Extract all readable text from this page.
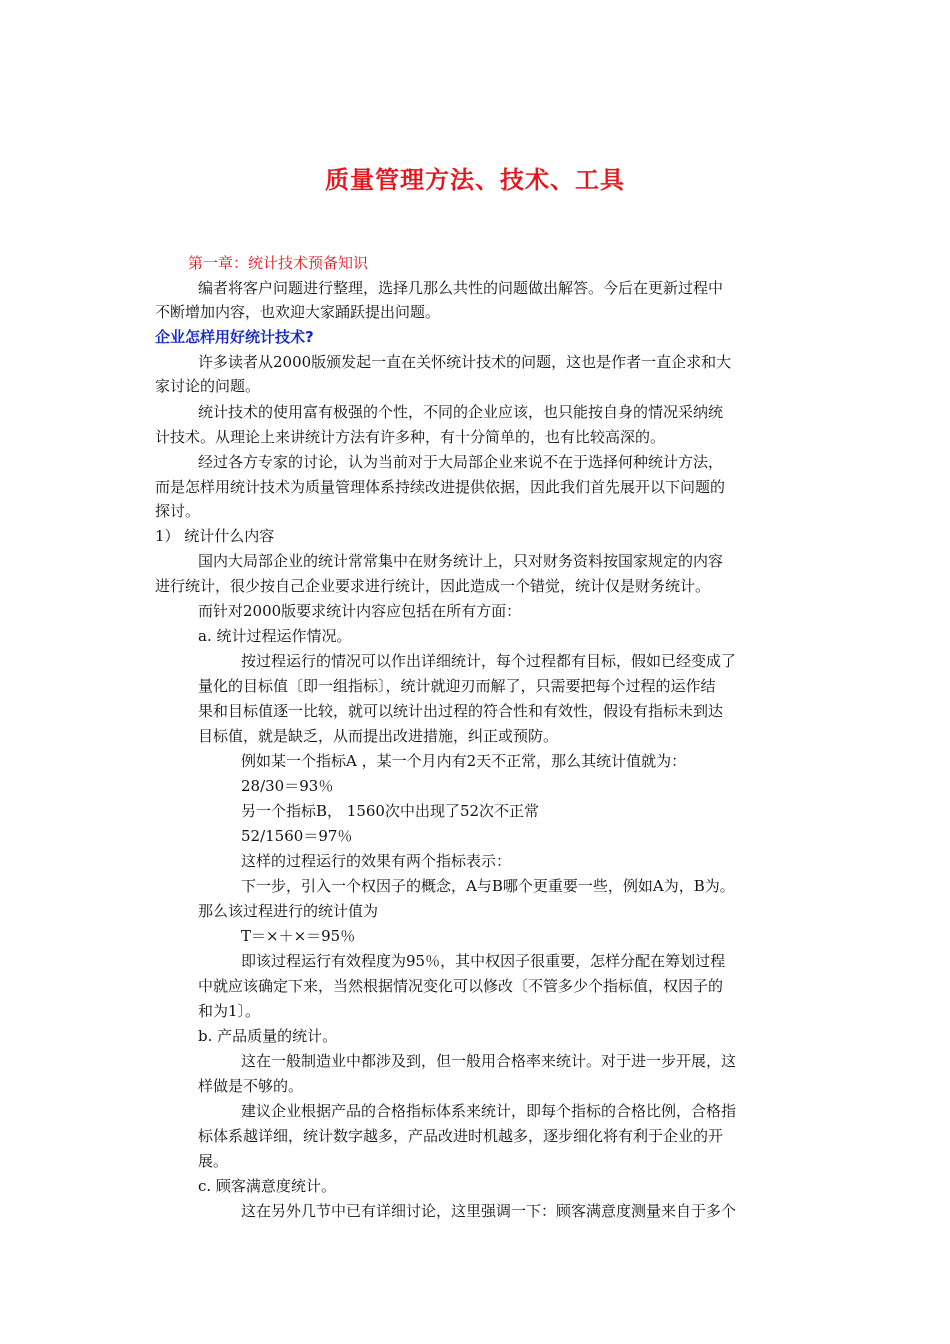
质量管理方法、技术、工具
第一章：统计技术预备知识
编者将客户问题进行整理，选择几那么共性的问题做出解答。今后在更新过程中
不断增加内容，也欢迎大家踊跃提出问题。
企业怎样用好统计技术?
许多读者从2000版颁发起一直在关怀统计技术的问题，这也是作者一直企求和大
家讨论的问题。
统计技术的使用富有极强的个性，不同的企业应该，也只能按自身的情况采纳统
计技术。从理论上来讲统计方法有许多种，有十分简单的，也有比较高深的。
经过各方专家的讨论，认为当前对于大局部企业来说不在于选择何种统计方法，
而是怎样用统计技术为质量管理体系持续改进提供依据，因此我们首先展开以下问题的
探讨。
1） 统计什么内容
国内大局部企业的统计常常集中在财务统计上，只对财务资料按国家规定的内容
进行统计，很少按自己企业要求进行统计，因此造成一个错觉，统计仅是财务统计。
而针对2000版要求统计内容应包括在所有方面：
a. 统计过程运作情况。
按过程运行的情况可以作出详细统计，每个过程都有目标，假如已经变成了
量化的目标值〔即一组指标〕，统计就迎刃而解了，只需要把每个过程的运作结
果和目标值逐一比较，就可以统计出过程的符合性和有效性，假设有指标未到达
目标值，就是缺乏，从而提出改进措施，纠正或预防。
例如某一个指标A ，某一个月内有2天不正常，那么其统计值就为：
28/30＝93％
另一个指标B， 1560次中出现了52次不正常
52/1560＝97％
这样的过程运行的效果有两个指标表示：
下一步，引入一个权因子的概念，A与B哪个更重要一些，例如A为，B为。
那么该过程进行的统计值为
T＝×＋×＝95％
即该过程运行有效程度为95％，其中权因子很重要，怎样分配在筹划过程
中就应该确定下来，当然根据情况变化可以修改〔不管多少个指标值，权因子的
和为1〕。
b. 产品质量的统计。
这在一般制造业中都涉及到，但一般用合格率来统计。对于进一步开展，这
样做是不够的。
建议企业根据产品的合格指标体系来统计，即每个指标的合格比例，合格指
标体系越详细，统计数字越多，产品改进时机越多，逐步细化将有利于企业的开
展。
c. 顾客满意度统计。
这在另外几节中已有详细讨论，这里强调一下：顾客满意度测量来自于多个
